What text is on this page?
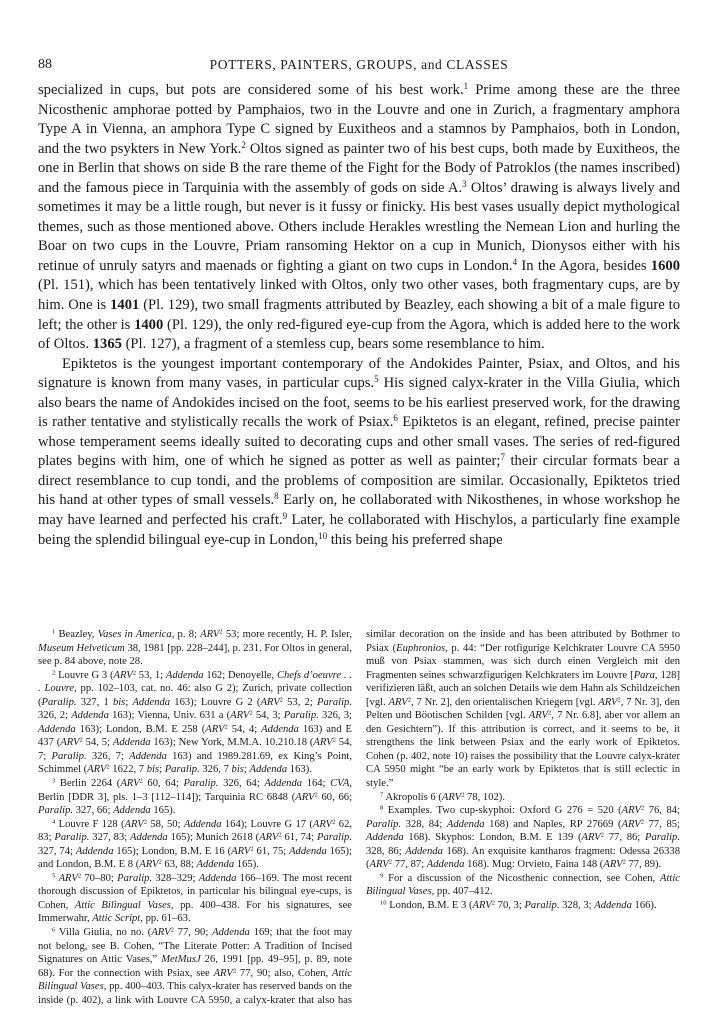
88	POTTERS, PAINTERS, GROUPS, and CLASSES

specialized in cups, but pots are considered some of his best work.$^1$ Prime among these are the three Nicosthenic amphorae potted by Pamphaios, two in the Louvre and one in Zurich, a fragmentary amphora Type A in Vienna, an amphora Type C signed by Euxitheos and a stamnos by Pamphaios, both in London, and the two psykters in New York.$^2$ Oltos signed as painter two of his best cups, both made by Euxitheos, the one in Berlin that shows on side B the rare theme of the Fight for the Body of Patroklos (the names inscribed) and the famous piece in Tarquinia with the assembly of gods on side A.$^3$ Oltos’ drawing is always lively and sometimes it may be a little rough, but never is it fussy or finicky. His best vases usually depict mythological themes, such as those mentioned above. Others include Herakles wrestling the Nemean Lion and hurling the Boar on two cups in the Louvre, Priam ransoming Hektor on a cup in Munich, Dionysos either with his retinue of unruly satyrs and maenads or fighting a giant on two cups in London.$^4$ In the Agora, besides 1600 (Pl. 151), which has been tentatively linked with Oltos, only two other vases, both fragmentary cups, are by him. One is 1401 (Pl. 129), two small fragments attributed by Beazley, each showing a bit of a male figure to left; the other is 1400 (Pl. 129), the only red-figured eye-cup from the Agora, which is added here to the work of Oltos. 1365 (Pl. 127), a fragment of a stemless cup, bears some resemblance to him.

Epiktetos is the youngest important contemporary of the Andokides Painter, Psiax, and Oltos, and his signature is known from many vases, in particular cups.$^5$ His signed calyx-krater in the Villa Giulia, which also bears the name of Andokides incised on the foot, seems to be his earliest preserved work, for the drawing is rather tentative and stylistically recalls the work of Psiax.$^6$ Epiktetos is an elegant, refined, precise painter whose temperament seems ideally suited to decorating cups and other small vases. The series of red-figured plates begins with him, one of which he signed as potter as well as painter;$^7$ their circular formats bear a direct resemblance to cup tondi, and the problems of composition are similar. Occasionally, Epiktetos tried his hand at other types of small vessels.$^8$ Early on, he collaborated with Nikosthenes, in whose workshop he may have learned and perfected his craft.$^9$ Later, he collaborated with Hischylos, a particularly fine example being the splendid bilingual eye-cup in London,$^{10}$ this being his preferred shape

$^1$ Beazley, Vases in America, p. 8; ARV$^2$ 53; more recently, H. P. Isler, Museum Helveticum 38, 1981 [pp. 228–244], p. 231. For Oltos in general, see p. 84 above, note 28.

$^2$ Louvre G 3 (ARV$^2$ 53, 1; Addenda 162; Denoyelle, Chefs d’oeuvre . . . Louvre, pp. 102–103, cat. no. 46: also G 2); Zurich, private collection (Paralip. 327, 1 bis; Addenda 163); Louvre G 2 (ARV$^2$ 53, 2; Paralip. 326, 2; Addenda 163); Vienna, Univ. 631 a (ARV$^2$ 54, 3; Paralip. 326, 3; Addenda 163); London, B.M. E 258 (ARV$^2$ 54, 4; Addenda 163) and E 437 (ARV$^2$ 54, 5; Addenda 163); New York, M.M.A. 10.210.18 (ARV$^2$ 54, 7; Paralip. 326, 7; Addenda 163) and 1989.281.69, ex King’s Point, Schimmel (ARV$^2$ 1622, 7 bis; Paralip. 326, 7 bis; Addenda 163).

$^3$ Berlin 2264 (ARV$^2$ 60, 64; Paralip. 326, 64; Addenda 164; CVA, Berlin [DDR 3], pls. 1–3 [112–114]); Tarquinia RC 6848 (ARV$^2$ 60, 66; Paralip. 327, 66; Addenda 165).

$^4$ Louvre F 128 (ARV$^2$ 58, 50; Addenda 164); Louvre G 17 (ARV$^2$ 62, 83; Paralip. 327, 83; Addenda 165); Munich 2618 (ARV$^2$ 61, 74; Paralip. 327, 74; Addenda 165); London, B.M. E 16 (ARV$^2$ 61, 75; Addenda 165); and London, B.M. E 8 (ARV$^2$ 63, 88; Addenda 165).

$^5$ ARV$^2$ 70–80; Paralip. 328–329; Addenda 166–169. The most recent thorough discussion of Epiktetos, in particular his bilingual eye-cups, is Cohen, Attic Bilingual Vases, pp. 400–438. For his signatures, see Immerwahr, Attic Script, pp. 61–63.

$^6$ Villa Giulia, no no. (ARV$^2$ 77, 90; Addenda 169; that the foot may not belong, see B. Cohen, “The Literate Potter: A Tradition of Incised Signatures on Attic Vases,” MetMusJ 26, 1991 [pp. 49–95], p. 89, note 68). For the connection with Psiax, see ARV$^2$ 77, 90; also, Cohen, Attic Bilingual Vases, pp. 400–403. This calyx-krater has reserved bands on the inside (p. 402), a link with Louvre CA 5950, a calyx-krater that also has similar decoration on the inside and has been attributed by Bothmer to Psiax (Euphronios, p. 44: “Der rotfigurige Kelchkrater Louvre CA 5950 muß von Psiax stammen, was sich durch einen Vergleich mit den Fragmenten seines schwarzfigurigen Kelchkraters im Louvre [Para, 128] verifizieren läßt, auch an solchen Details wie dem Hahn als Schildzeichen [vgl. ARV$^2$, 7 Nr. 2], den orientalischen Kriegern [vgl. ARV$^2$, 7 Nr. 3], den Pelten und Böotischen Schilden [vgl. ARV$^2$, 7 Nr. 6.8], aber vor allem an den Gesichtern”). If this attribution is correct, and it seems to be, it strengthens the link between Psiax and the early work of Epiktetos. Cohen (p. 402, note 10) raises the possibility that the Louvre calyx-krater CA 5950 might “be an early work by Epiktetos that is still eclectic in style.”

$^7$ Akropolis 6 (ARV$^2$ 78, 102).

$^8$ Examples. Two cup-skyphoi: Oxford G 276 = 520 (ARV$^2$ 76, 84; Paralip. 328, 84; Addenda 168) and Naples, RP 27669 (ARV$^2$ 77, 85; Addenda 168). Skyphos: London, B.M. E 139 (ARV$^2$ 77, 86; Paralip. 328, 86; Addenda 168). An exquisite kantharos fragment: Odessa 26338 (ARV$^2$ 77, 87; Addenda 168). Mug: Orvieto, Faina 148 (ARV$^2$ 77, 89).

$^9$ For a discussion of the Nicosthenic connection, see Cohen, Attic Bilingual Vases, pp. 407–412.

$^{10}$ London, B.M. E 3 (ARV$^2$ 70, 3; Paralip. 328, 3; Addenda 166).
